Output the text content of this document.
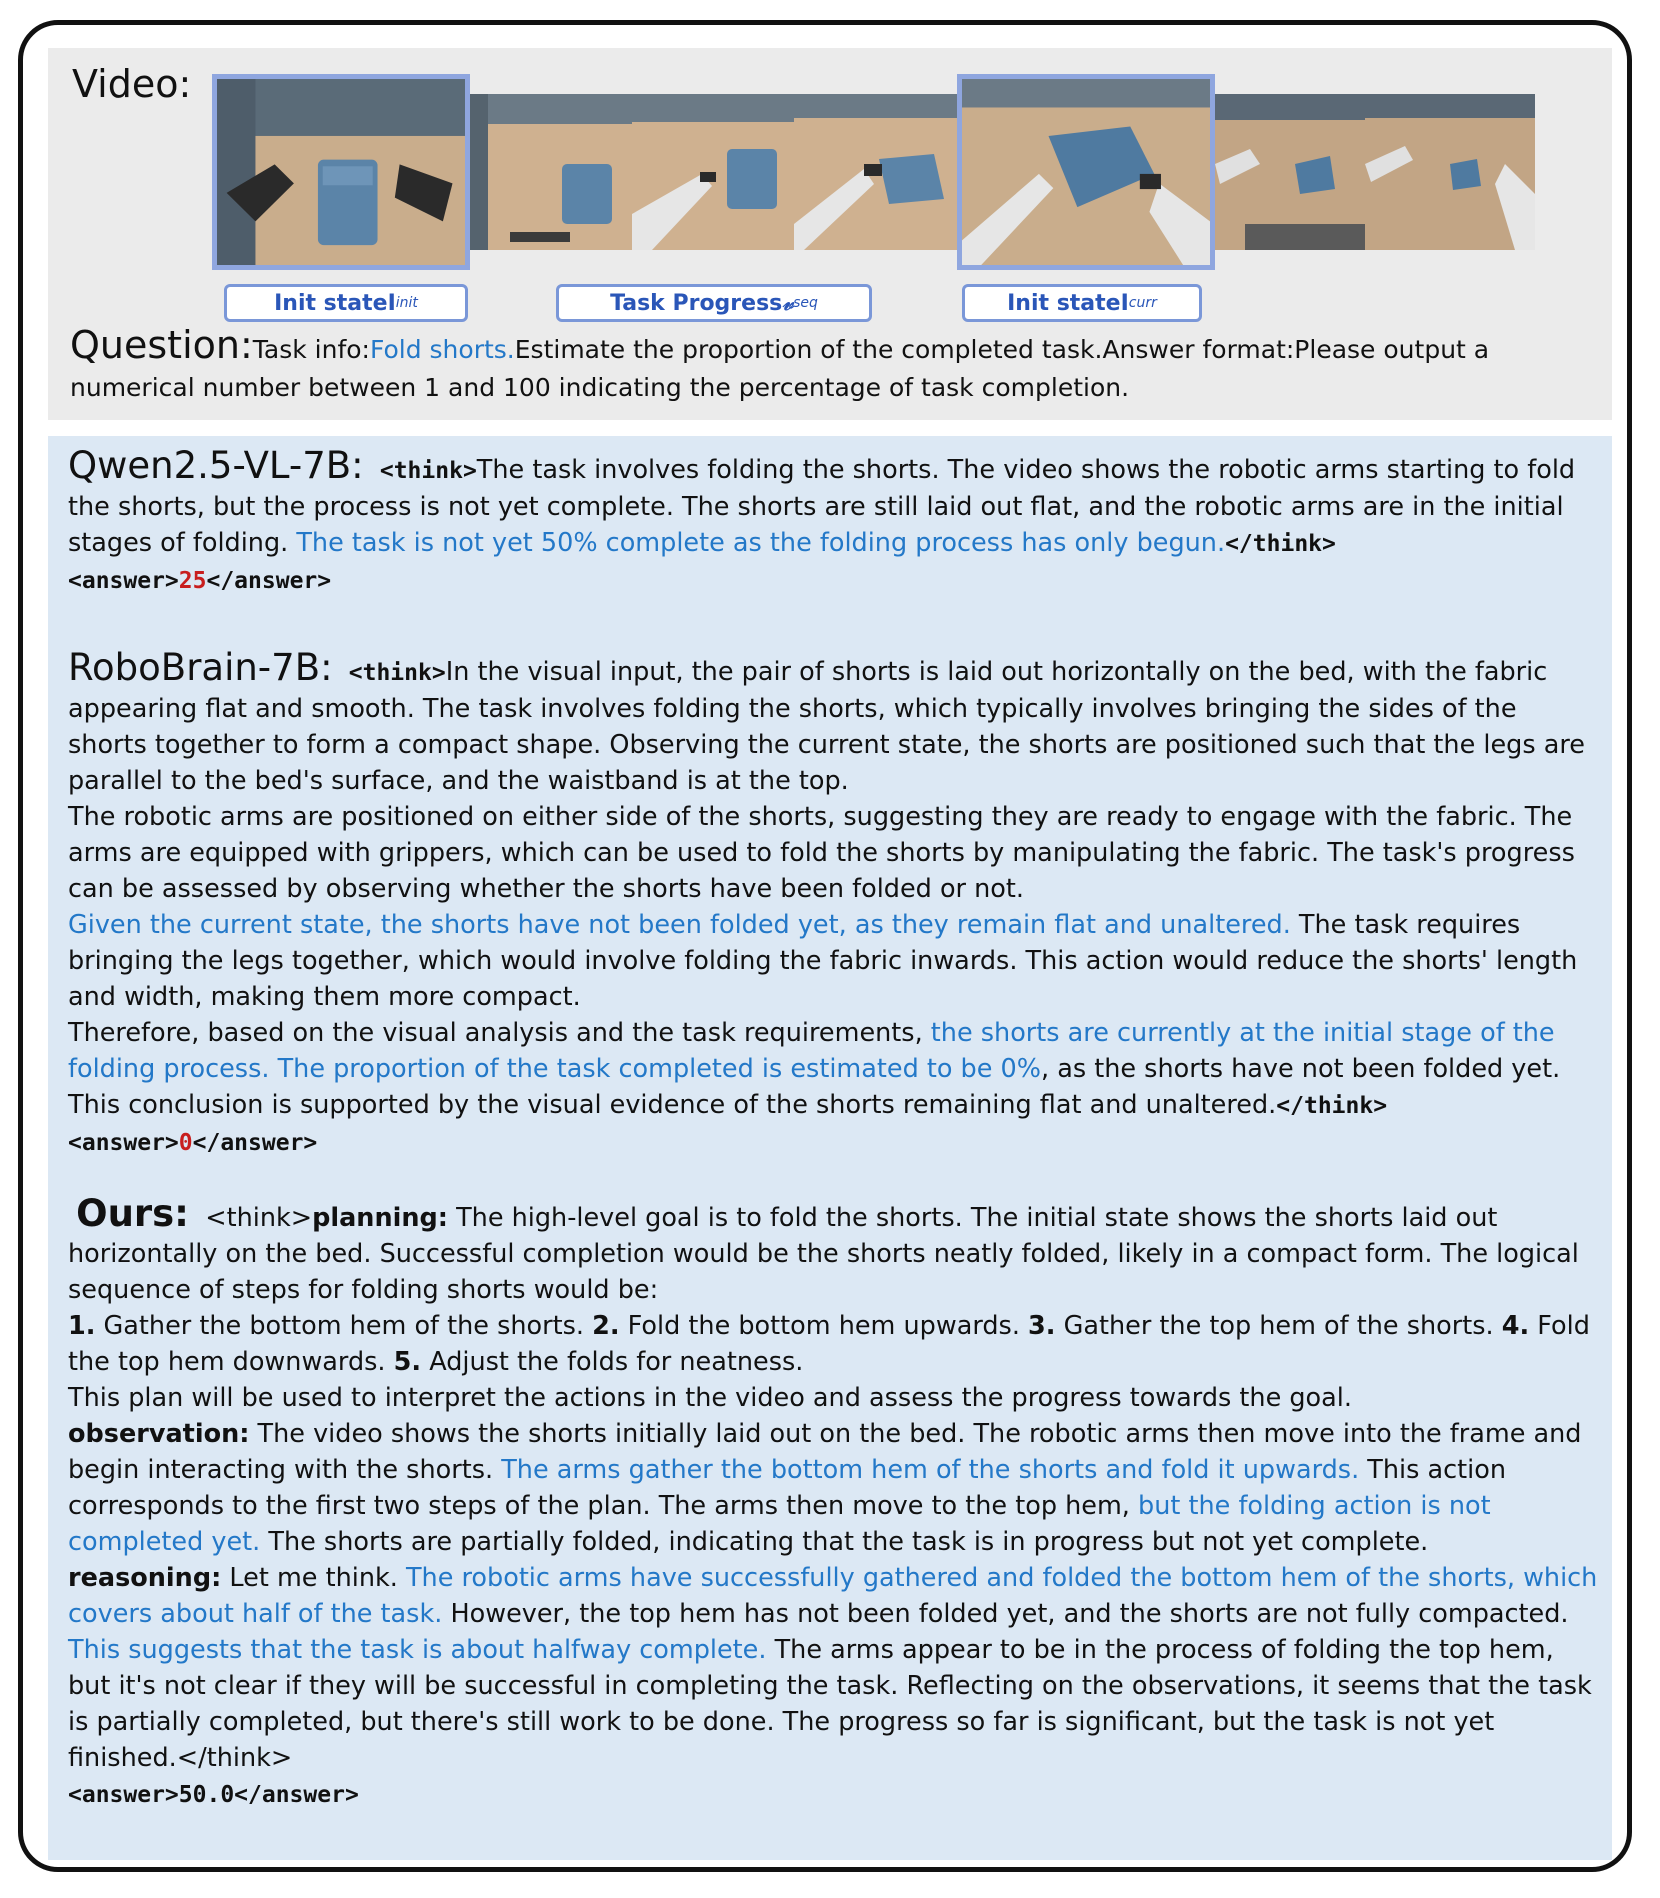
Video:
Init state I init	Task Progress 𝓋 seq	Init state I curr
Question:Task info:Fold shorts.Estimate the proportion of the completed task.Answer format:Please output a numerical number between 1 and 100 indicating the percentage of task completion.

Qwen2.5-VL-7B: <think>The task involves folding the shorts. The video shows the robotic arms starting to fold the shorts, but the process is not yet complete. The shorts are still laid out flat, and the robotic arms are in the initial stages of folding. The task is not yet 50% complete as the folding process has only begun.</think>

<answer>25</answer>

RoboBrain-7B: <think>In the visual input, the pair of shorts is laid out horizontally on the bed, with the fabric appearing flat and smooth. The task involves folding the shorts, which typically involves bringing the sides of the shorts together to form a compact shape. Observing the current state, the shorts are positioned such that the legs are parallel to the bed's surface, and the waistband is at the top.

The robotic arms are positioned on either side of the shorts, suggesting they are ready to engage with the fabric. The arms are equipped with grippers, which can be used to fold the shorts by manipulating the fabric. The task's progress can be assessed by observing whether the shorts have been folded or not.

Given the current state, the shorts have not been folded yet, as they remain flat and unaltered. The task requires bringing the legs together, which would involve folding the fabric inwards. This action would reduce the shorts' length and width, making them more compact.

Therefore, based on the visual analysis and the task requirements, the shorts are currently at the initial stage of the folding process. The proportion of the task completed is estimated to be 0%, as the shorts have not been folded yet. This conclusion is supported by the visual evidence of the shorts remaining flat and unaltered.</think>

<answer>0</answer>

Ours: <think>planning: The high-level goal is to fold the shorts. The initial state shows the shorts laid out horizontally on the bed. Successful completion would be the shorts neatly folded, likely in a compact form. The logical sequence of steps for folding shorts would be:

1. Gather the bottom hem of the shorts. 2. Fold the bottom hem upwards. 3. Gather the top hem of the shorts. 4. Fold the top hem downwards. 5. Adjust the folds for neatness.

This plan will be used to interpret the actions in the video and assess the progress towards the goal.

observation: The video shows the shorts initially laid out on the bed. The robotic arms then move into the frame and begin interacting with the shorts. The arms gather the bottom hem of the shorts and fold it upwards. This action corresponds to the first two steps of the plan. The arms then move to the top hem, but the folding action is not completed yet. The shorts are partially folded, indicating that the task is in progress but not yet complete.

reasoning: Let me think. The robotic arms have successfully gathered and folded the bottom hem of the shorts, which covers about half of the task. However, the top hem has not been folded yet, and the shorts are not fully compacted. This suggests that the task is about halfway complete. The arms appear to be in the process of folding the top hem, but it's not clear if they will be successful in completing the task. Reflecting on the observations, it seems that the task is partially completed, but there's still work to be done. The progress so far is significant, but the task is not yet finished.</think>

<answer>50.0</answer>
